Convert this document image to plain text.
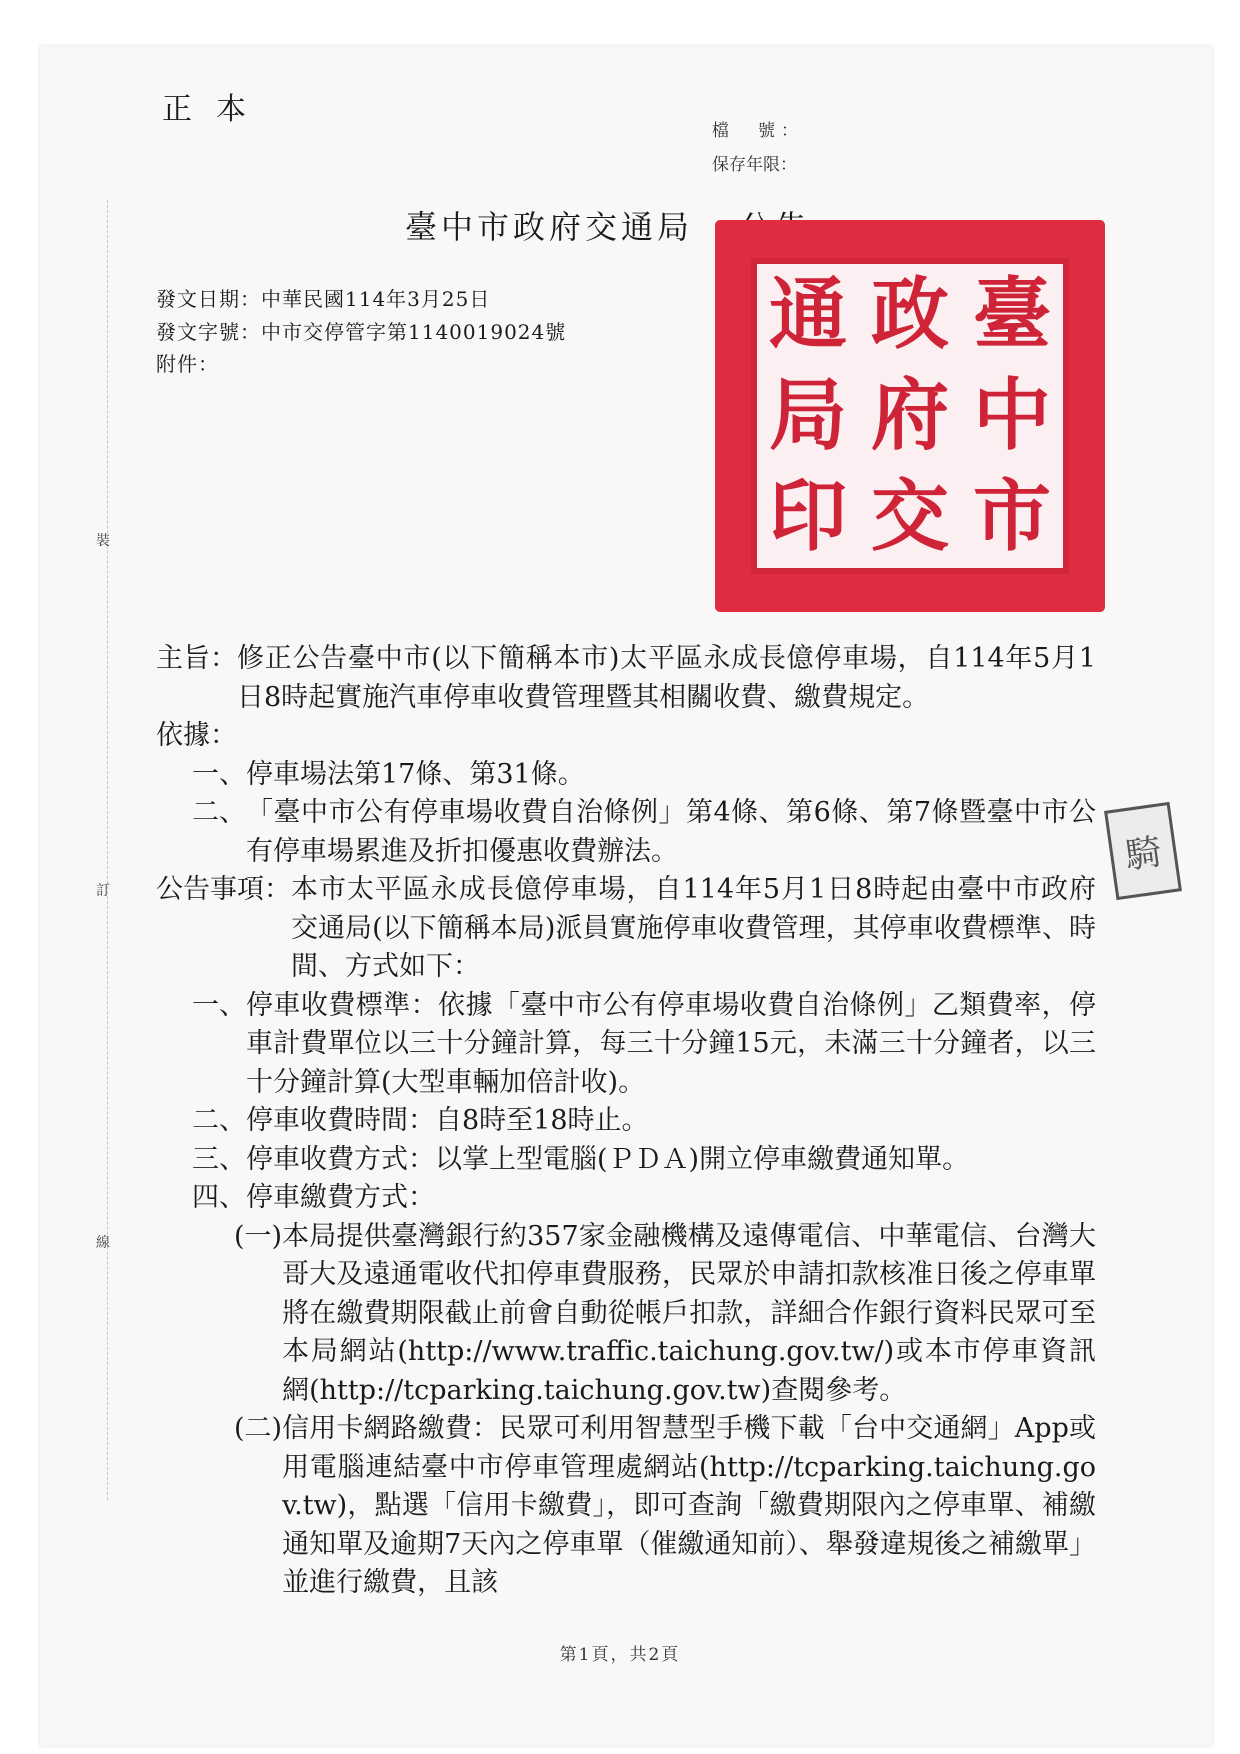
裝
訂
線
正本
檔　號：
保存年限：
臺中市政府交通局
發文日期：中華民國114年3月25日
發文字號：中市交停管字第1140019024號
附件：
臺
中
市
政
府
交
通
局
印
騎
主旨： 修正公告臺中市(以下簡稱本市)太平區永成長億停車場，自114年5月1日8時起實施汽車停車收費管理暨其相關收費、繳費規定。
依據：
一、 停車場法第17條、第31條。
二、 「臺中市公有停車場收費自治條例」第4條、第6條、第7條暨臺中市公有停車場累進及折扣優惠收費辦法。
公告事項： 本市太平區永成長億停車場，自114年5月1日8時起由臺中市政府交通局(以下簡稱本局)派員實施停車收費管理，其停車收費標準、時間、方式如下：
一、 停車收費標準：依據「臺中市公有停車場收費自治條例」乙類費率，停車計費單位以三十分鐘計算，每三十分鐘15元，未滿三十分鐘者，以三十分鐘計算(大型車輛加倍計收)。
二、 停車收費時間：自8時至18時止。
三、 停車收費方式：以掌上型電腦(ＰＤＡ)開立停車繳費通知單。
四、 停車繳費方式：
(一) 本局提供臺灣銀行約357家金融機構及遠傳電信、中華電信、台灣大哥大及遠通電收代扣停車費服務，民眾於申請扣款核准日後之停車單將在繳費期限截止前會自動從帳戶扣款，詳細合作銀行資料民眾可至本局網站(http://www.traffic.taichung.gov.tw/)或本市停車資訊網(http://tcparking.taichung.gov.tw)查閱參考。
(二) 信用卡網路繳費：民眾可利用智慧型手機下載「台中交通網」App或用電腦連結臺中市停車管理處網站(http://tcparking.taichung.gov.tw)，點選「信用卡繳費」，即可查詢「繳費期限內之停車單、補繳通知單及逾期7天內之停車單（催繳通知前）、舉發違規後之補繳單」並進行繳費，且該
第1頁，共2頁
